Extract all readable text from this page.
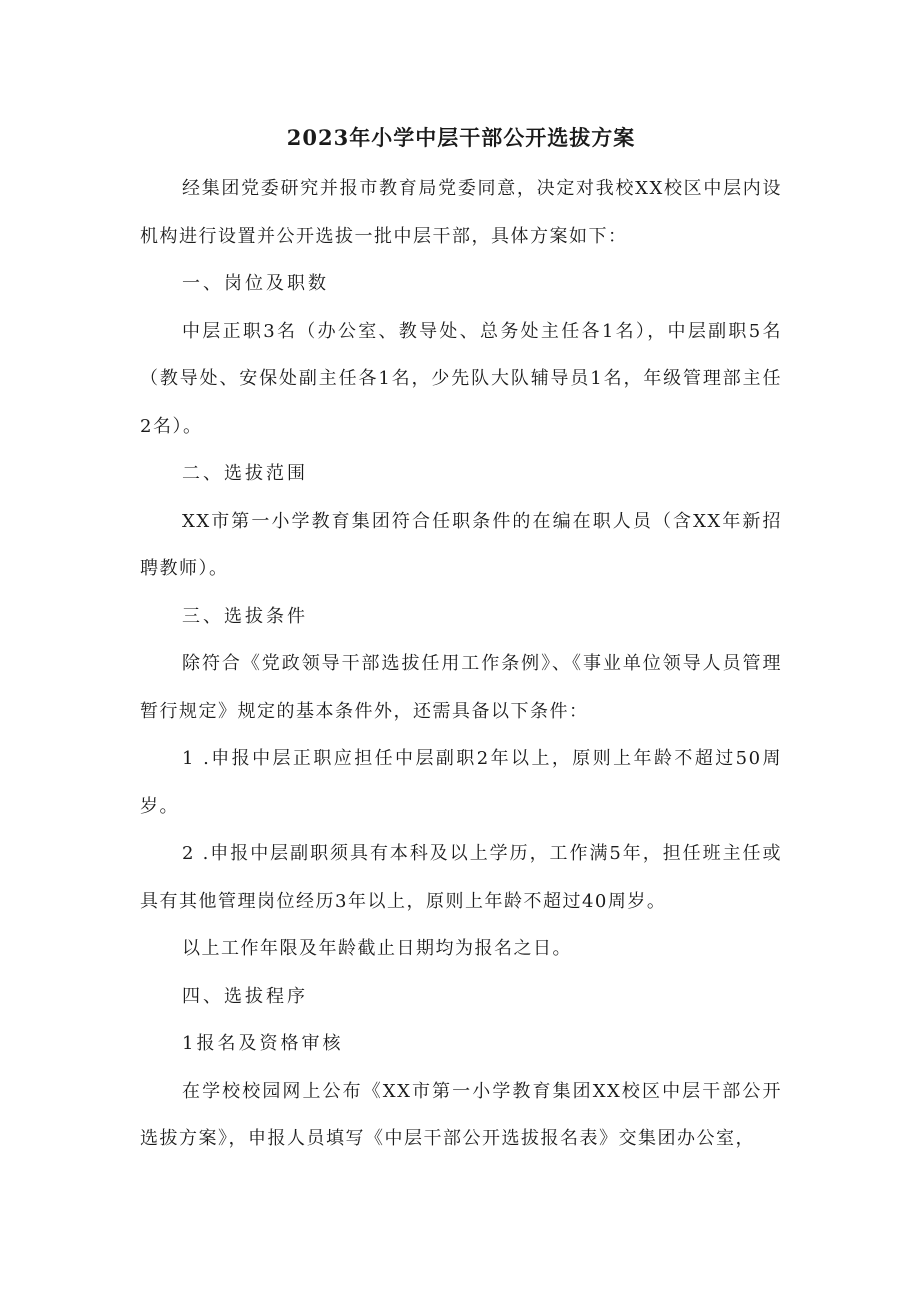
2023年小学中层干部公开选拔方案

经集团党委研究并报市教育局党委同意，决定对我校XX校区中层内设机构进行设置并公开选拔一批中层干部，具体方案如下：

一、岗位及职数

中层正职3名（办公室、教导处、总务处主任各1名），中层副职5名（教导处、安保处副主任各1名，少先队大队辅导员1名，年级管理部主任2名）。

二、选拔范围

XX市第一小学教育集团符合任职条件的在编在职人员（含XX年新招聘教师）。

三、选拔条件

除符合《党政领导干部选拔任用工作条例》、《事业单位领导人员管理暂行规定》规定的基本条件外，还需具备以下条件：

1 .申报中层正职应担任中层副职2年以上，原则上年龄不超过50周岁。

2 .申报中层副职须具有本科及以上学历，工作满5年，担任班主任或具有其他管理岗位经历3年以上，原则上年龄不超过40周岁。

以上工作年限及年龄截止日期均为报名之日。

四、选拔程序

1报名及资格审核

在学校校园网上公布《XX市第一小学教育集团XX校区中层干部公开选拔方案》，申报人员填写《中层干部公开选拔报名表》交集团办公室，
